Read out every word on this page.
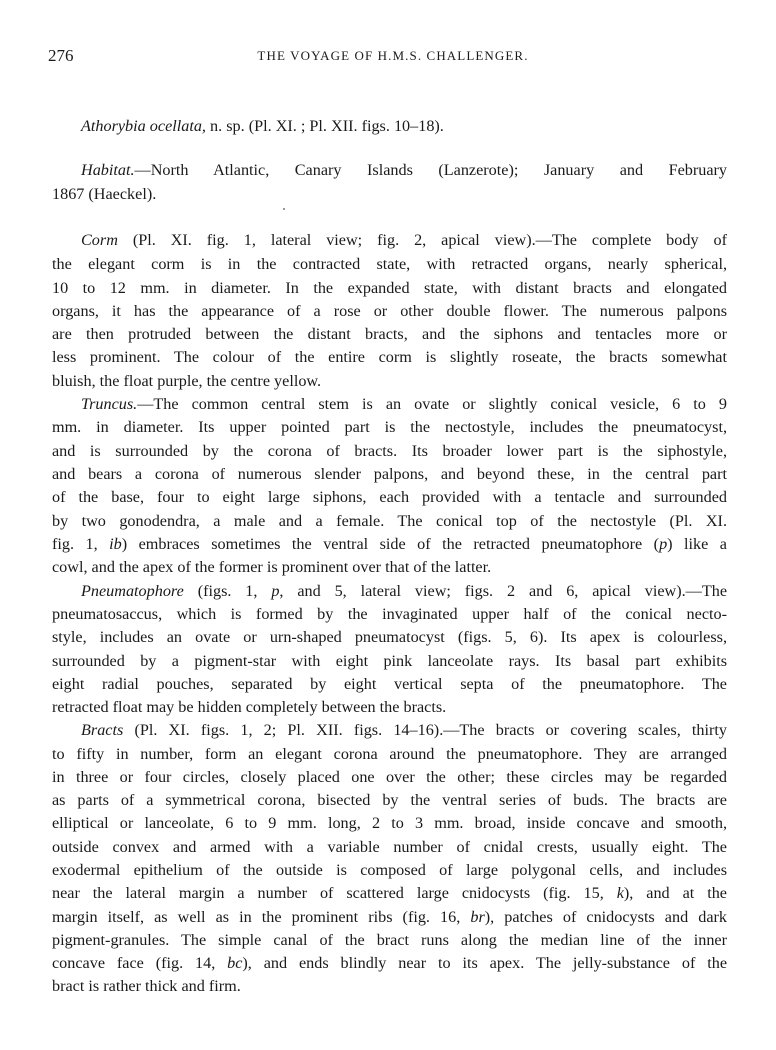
276	THE VOYAGE OF H.M.S. CHALLENGER.
Athorybia ocellata, n. sp. (Pl. XI. ; Pl. XII. figs. 10–18).
Habitat.—North Atlantic, Canary Islands (Lanzerote); January and February
1867 (Haeckel).
Corm (Pl. XI. fig. 1, lateral view; fig. 2, apical view).—The complete body of
the elegant corm is in the contracted state, with retracted organs, nearly spherical,
10 to 12 mm. in diameter. In the expanded state, with distant bracts and elongated
organs, it has the appearance of a rose or other double flower. The numerous palpons
are then protruded between the distant bracts, and the siphons and tentacles more or
less prominent. The colour of the entire corm is slightly roseate, the bracts somewhat
bluish, the float purple, the centre yellow.
Truncus.—The common central stem is an ovate or slightly conical vesicle, 6 to 9
mm. in diameter. Its upper pointed part is the nectostyle, includes the pneumatocyst,
and is surrounded by the corona of bracts. Its broader lower part is the siphostyle,
and bears a corona of numerous slender palpons, and beyond these, in the central part
of the base, four to eight large siphons, each provided with a tentacle and surrounded
by two gonodendra, a male and a female. The conical top of the nectostyle (Pl. XI.
fig. 1, ib) embraces sometimes the ventral side of the retracted pneumatophore (p) like a
cowl, and the apex of the former is prominent over that of the latter.
Pneumatophore (figs. 1, p, and 5, lateral view; figs. 2 and 6, apical view).—The
pneumatosaccus, which is formed by the invaginated upper half of the conical necto-
style, includes an ovate or urn-shaped pneumatocyst (figs. 5, 6). Its apex is colourless,
surrounded by a pigment-star with eight pink lanceolate rays. Its basal part exhibits
eight radial pouches, separated by eight vertical septa of the pneumatophore. The
retracted float may be hidden completely between the bracts.
Bracts (Pl. XI. figs. 1, 2; Pl. XII. figs. 14–16).—The bracts or covering scales, thirty
to fifty in number, form an elegant corona around the pneumatophore. They are arranged
in three or four circles, closely placed one over the other; these circles may be regarded
as parts of a symmetrical corona, bisected by the ventral series of buds. The bracts are
elliptical or lanceolate, 6 to 9 mm. long, 2 to 3 mm. broad, inside concave and smooth,
outside convex and armed with a variable number of cnidal crests, usually eight. The
exodermal epithelium of the outside is composed of large polygonal cells, and includes
near the lateral margin a number of scattered large cnidocysts (fig. 15, k), and at the
margin itself, as well as in the prominent ribs (fig. 16, br), patches of cnidocysts and dark
pigment-granules. The simple canal of the bract runs along the median line of the inner
concave face (fig. 14, bc), and ends blindly near to its apex. The jelly-substance of the
bract is rather thick and firm.
